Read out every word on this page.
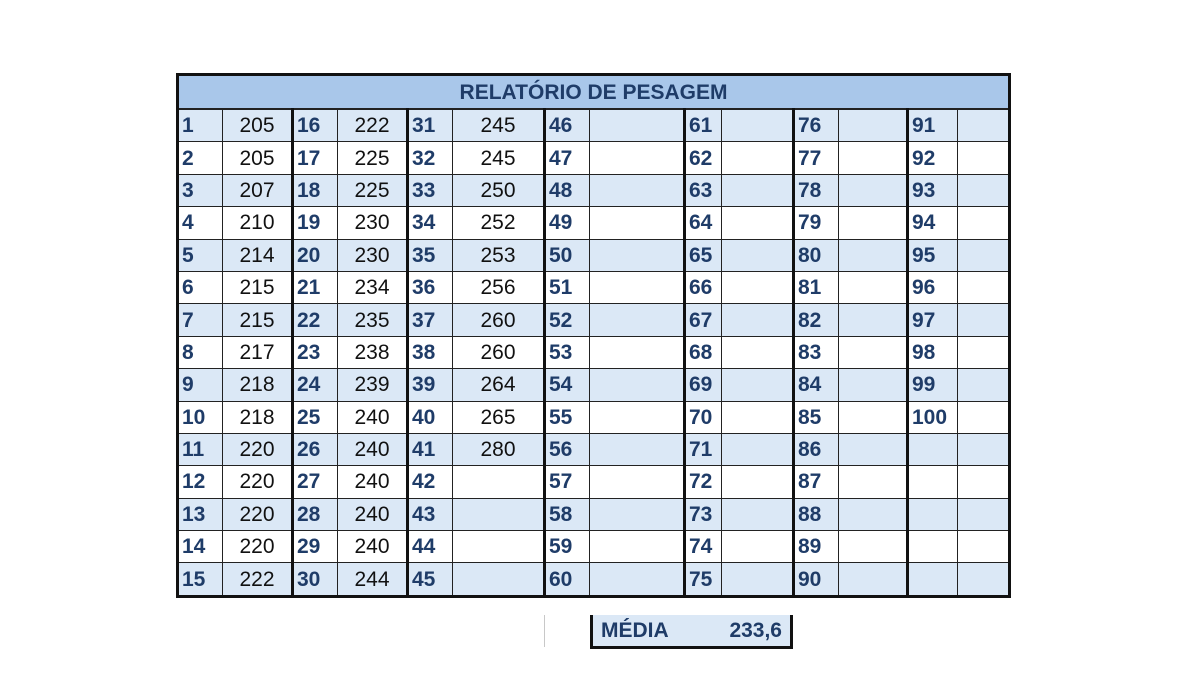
RELATÓRIO DE PESAGEM													
1	205	16	222	31	245	46		61		76		91	
2	205	17	225	32	245	47		62		77		92	
3	207	18	225	33	250	48		63		78		93	
4	210	19	230	34	252	49		64		79		94	
5	214	20	230	35	253	50		65		80		95	
6	215	21	234	36	256	51		66		81		96	
7	215	22	235	37	260	52		67		82		97	
8	217	23	238	38	260	53		68		83		98	
9	218	24	239	39	264	54		69		84		99	
10	218	25	240	40	265	55		70		85		100	
11	220	26	240	41	280	56		71		86			
12	220	27	240	42		57		72		87			
13	220	28	240	43		58		73		88			
14	220	29	240	44		59		74		89			
15	222	30	244	45		60		75		90			
MÉDIA	233,6
